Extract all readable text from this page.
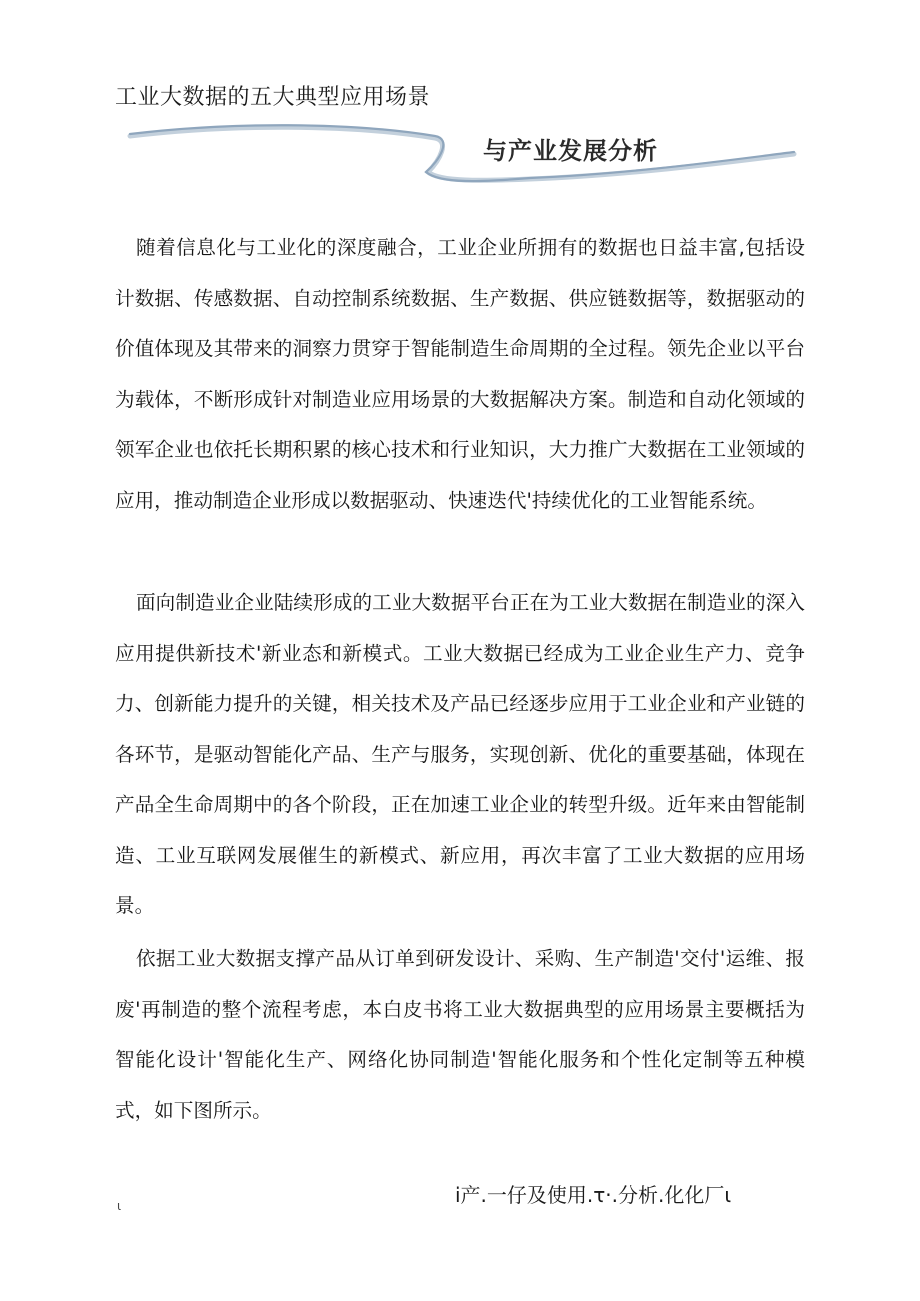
工业大数据的五大典型应用场景
与产业发展分析

随着信息化与工业化的深度融合，工业企业所拥有的数据也日益丰富,包括设计数据、传感数据、自动控制系统数据、生产数据、供应链数据等，数据驱动的价值体现及其带来的洞察力贯穿于智能制造生命周期的全过程。领先企业以平台为载体，不断形成针对制造业应用场景的大数据解决方案。制造和自动化领域的领军企业也依托长期积累的核心技术和行业知识，大力推广大数据在工业领域的应用，推动制造企业形成以数据驱动、快速迭代'持续优化的工业智能系统。

面向制造业企业陆续形成的工业大数据平台正在为工业大数据在制造业的深入应用提供新技术'新业态和新模式。工业大数据已经成为工业企业生产力、竞争力、创新能力提升的关键，相关技术及产品已经逐步应用于工业企业和产业链的各环节，是驱动智能化产品、生产与服务，实现创新、优化的重要基础，体现在产品全生命周期中的各个阶段，正在加速工业企业的转型升级。近年来由智能制造、工业互联网发展催生的新模式、新应用，再次丰富了工业大数据的应用场景。

依据工业大数据支撑产品从订单到研发设计、采购、生产制造'交付'运维、报废'再制造的整个流程考虑，本白皮书将工业大数据典型的应用场景主要概括为智能化设计'智能化生产、网络化协同制造'智能化服务和个性化定制等五种模式，如下图所示。

ι	i产.一仔及使用.τ·.分析.化化厂ι
